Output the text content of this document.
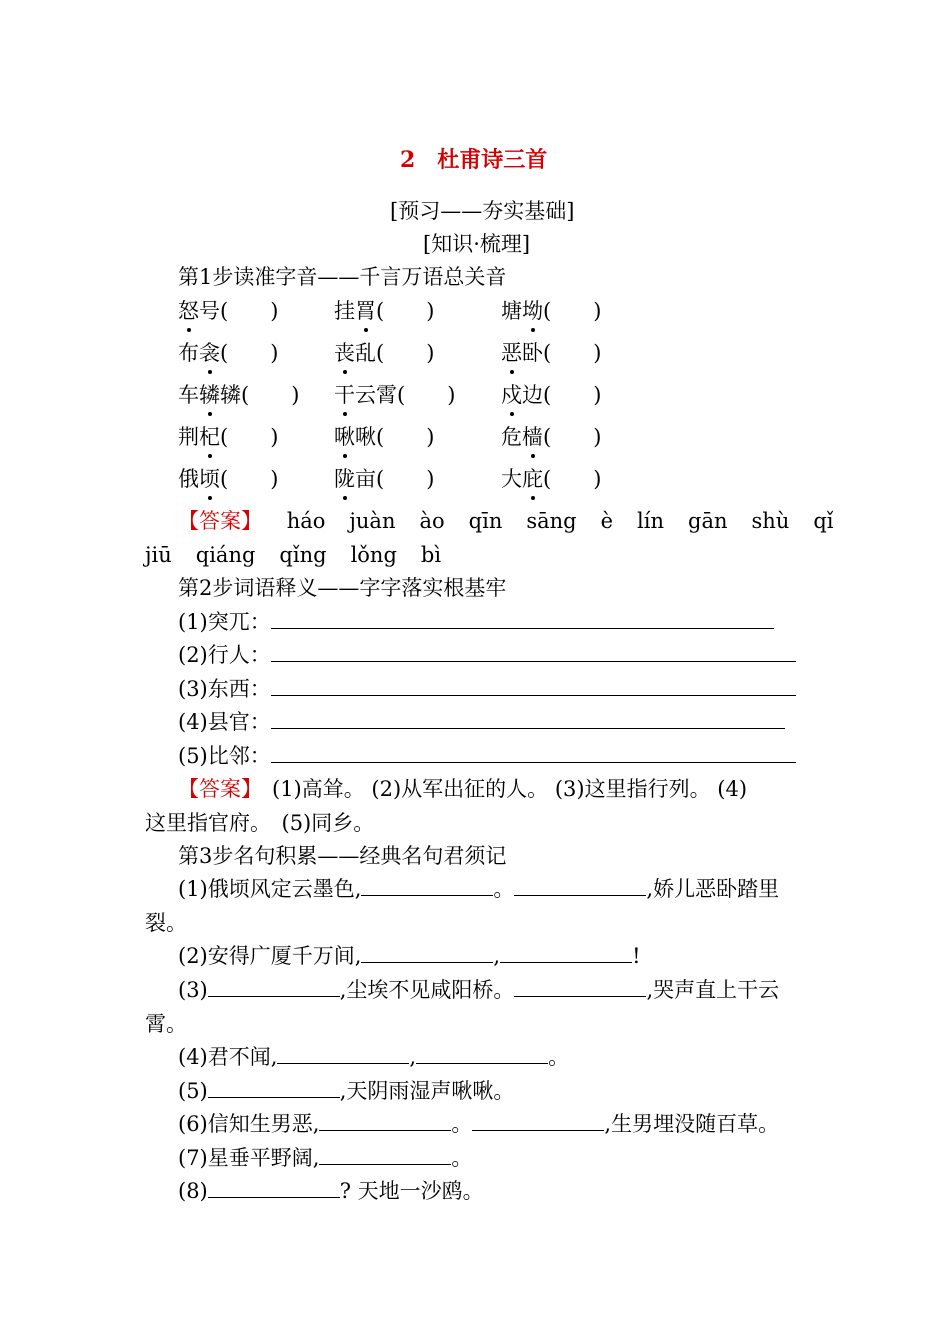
2　杜甫诗三首
[预习——夯实基础]
[知识·梳理]
第1步读准字音——千言万语总关音
怒号(　　)	挂罥(　　)	塘坳(　　)
布衾(　　)	丧乱(　　)	恶卧(　　)
车辚辚(　　) 干云霄(　　) 戍边(　　)
荆杞(　　)	啾啾(　　)	危樯(　　)
俄顷(　　)	陇亩(　　)	大庇(　　)
【答案】 háo juàn ào qīn sāng è lín gān shù qǐ
jiū qiáng qǐng lǒng bì
第2步词语释义——字字落实根基牢
(1)突兀：
(2)行人：
(3)东西：
(4)县官：
(5)比邻：
【答案】 (1)高耸。 (2)从军出征的人。 (3)这里指行列。 (4)
这里指官府。　(5)同乡。
第3步名句积累——经典名句君须记
(1)俄顷风定云墨色,	。	,娇儿恶卧踏里
裂。
(2)安得广厦千万间,	,	!
(3)	,尘埃不见咸阳桥。	,哭声直上干云
霄。
(4)君不闻,	,	。
(5)	,天阴雨湿声啾啾。
(6)信知生男恶,	。	,生男埋没随百草。
(7)星垂平野阔,	。
(8)	? 天地一沙鸥。
